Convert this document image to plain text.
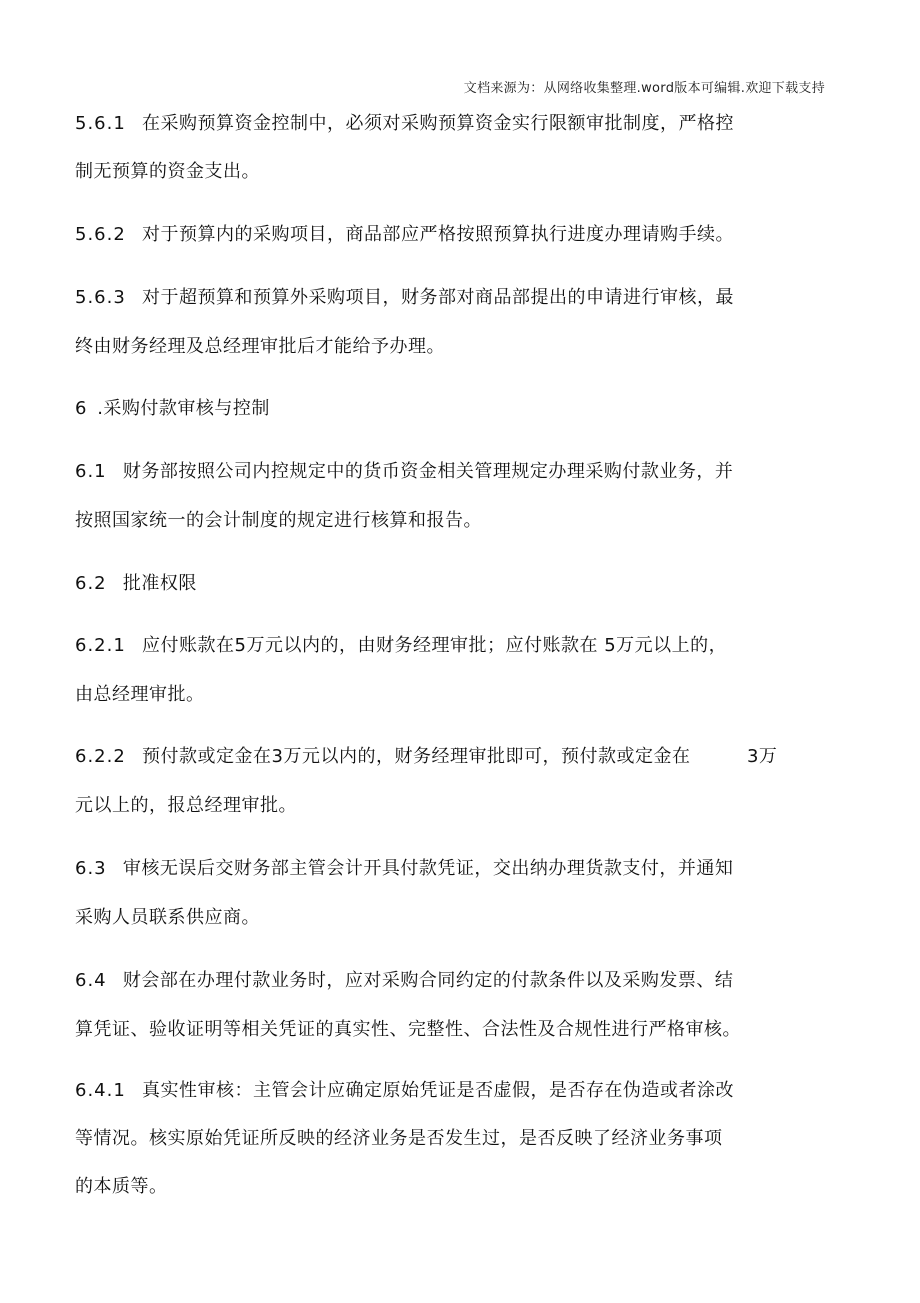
文档来源为：从网络收集整理.word版本可编辑.欢迎下载支持
5.6.1 在采购预算资金控制中，必须对采购预算资金实行限额审批制度，严格控
制无预算的资金支出。
5.6.2 对于预算内的采购项目，商品部应严格按照预算执行进度办理请购手续。
5.6.3 对于超预算和预算外采购项目，财务部对商品部提出的申请进行审核，最
终由财务经理及总经理审批后才能给予办理。
6 .采购付款审核与控制
6.1 财务部按照公司内控规定中的货币资金相关管理规定办理采购付款业务，并
按照国家统一的会计制度的规定进行核算和报告。
6.2 批准权限
6.2.1 应付账款在5万元以内的，由财务经理审批；应付账款在 5万元以上的，
由总经理审批。
6.2.2 预付款或定金在3万元以内的，财务经理审批即可，预付款或定金在	3万
元以上的，报总经理审批。
6.3 审核无误后交财务部主管会计开具付款凭证，交出纳办理货款支付，并通知
采购人员联系供应商。
6.4 财会部在办理付款业务时，应对采购合同约定的付款条件以及采购发票、结
算凭证、验收证明等相关凭证的真实性、完整性、合法性及合规性进行严格审核。
6.4.1 真实性审核：主管会计应确定原始凭证是否虚假，是否存在伪造或者涂改
等情况。核实原始凭证所反映的经济业务是否发生过，是否反映了经济业务事项
的本质等。
